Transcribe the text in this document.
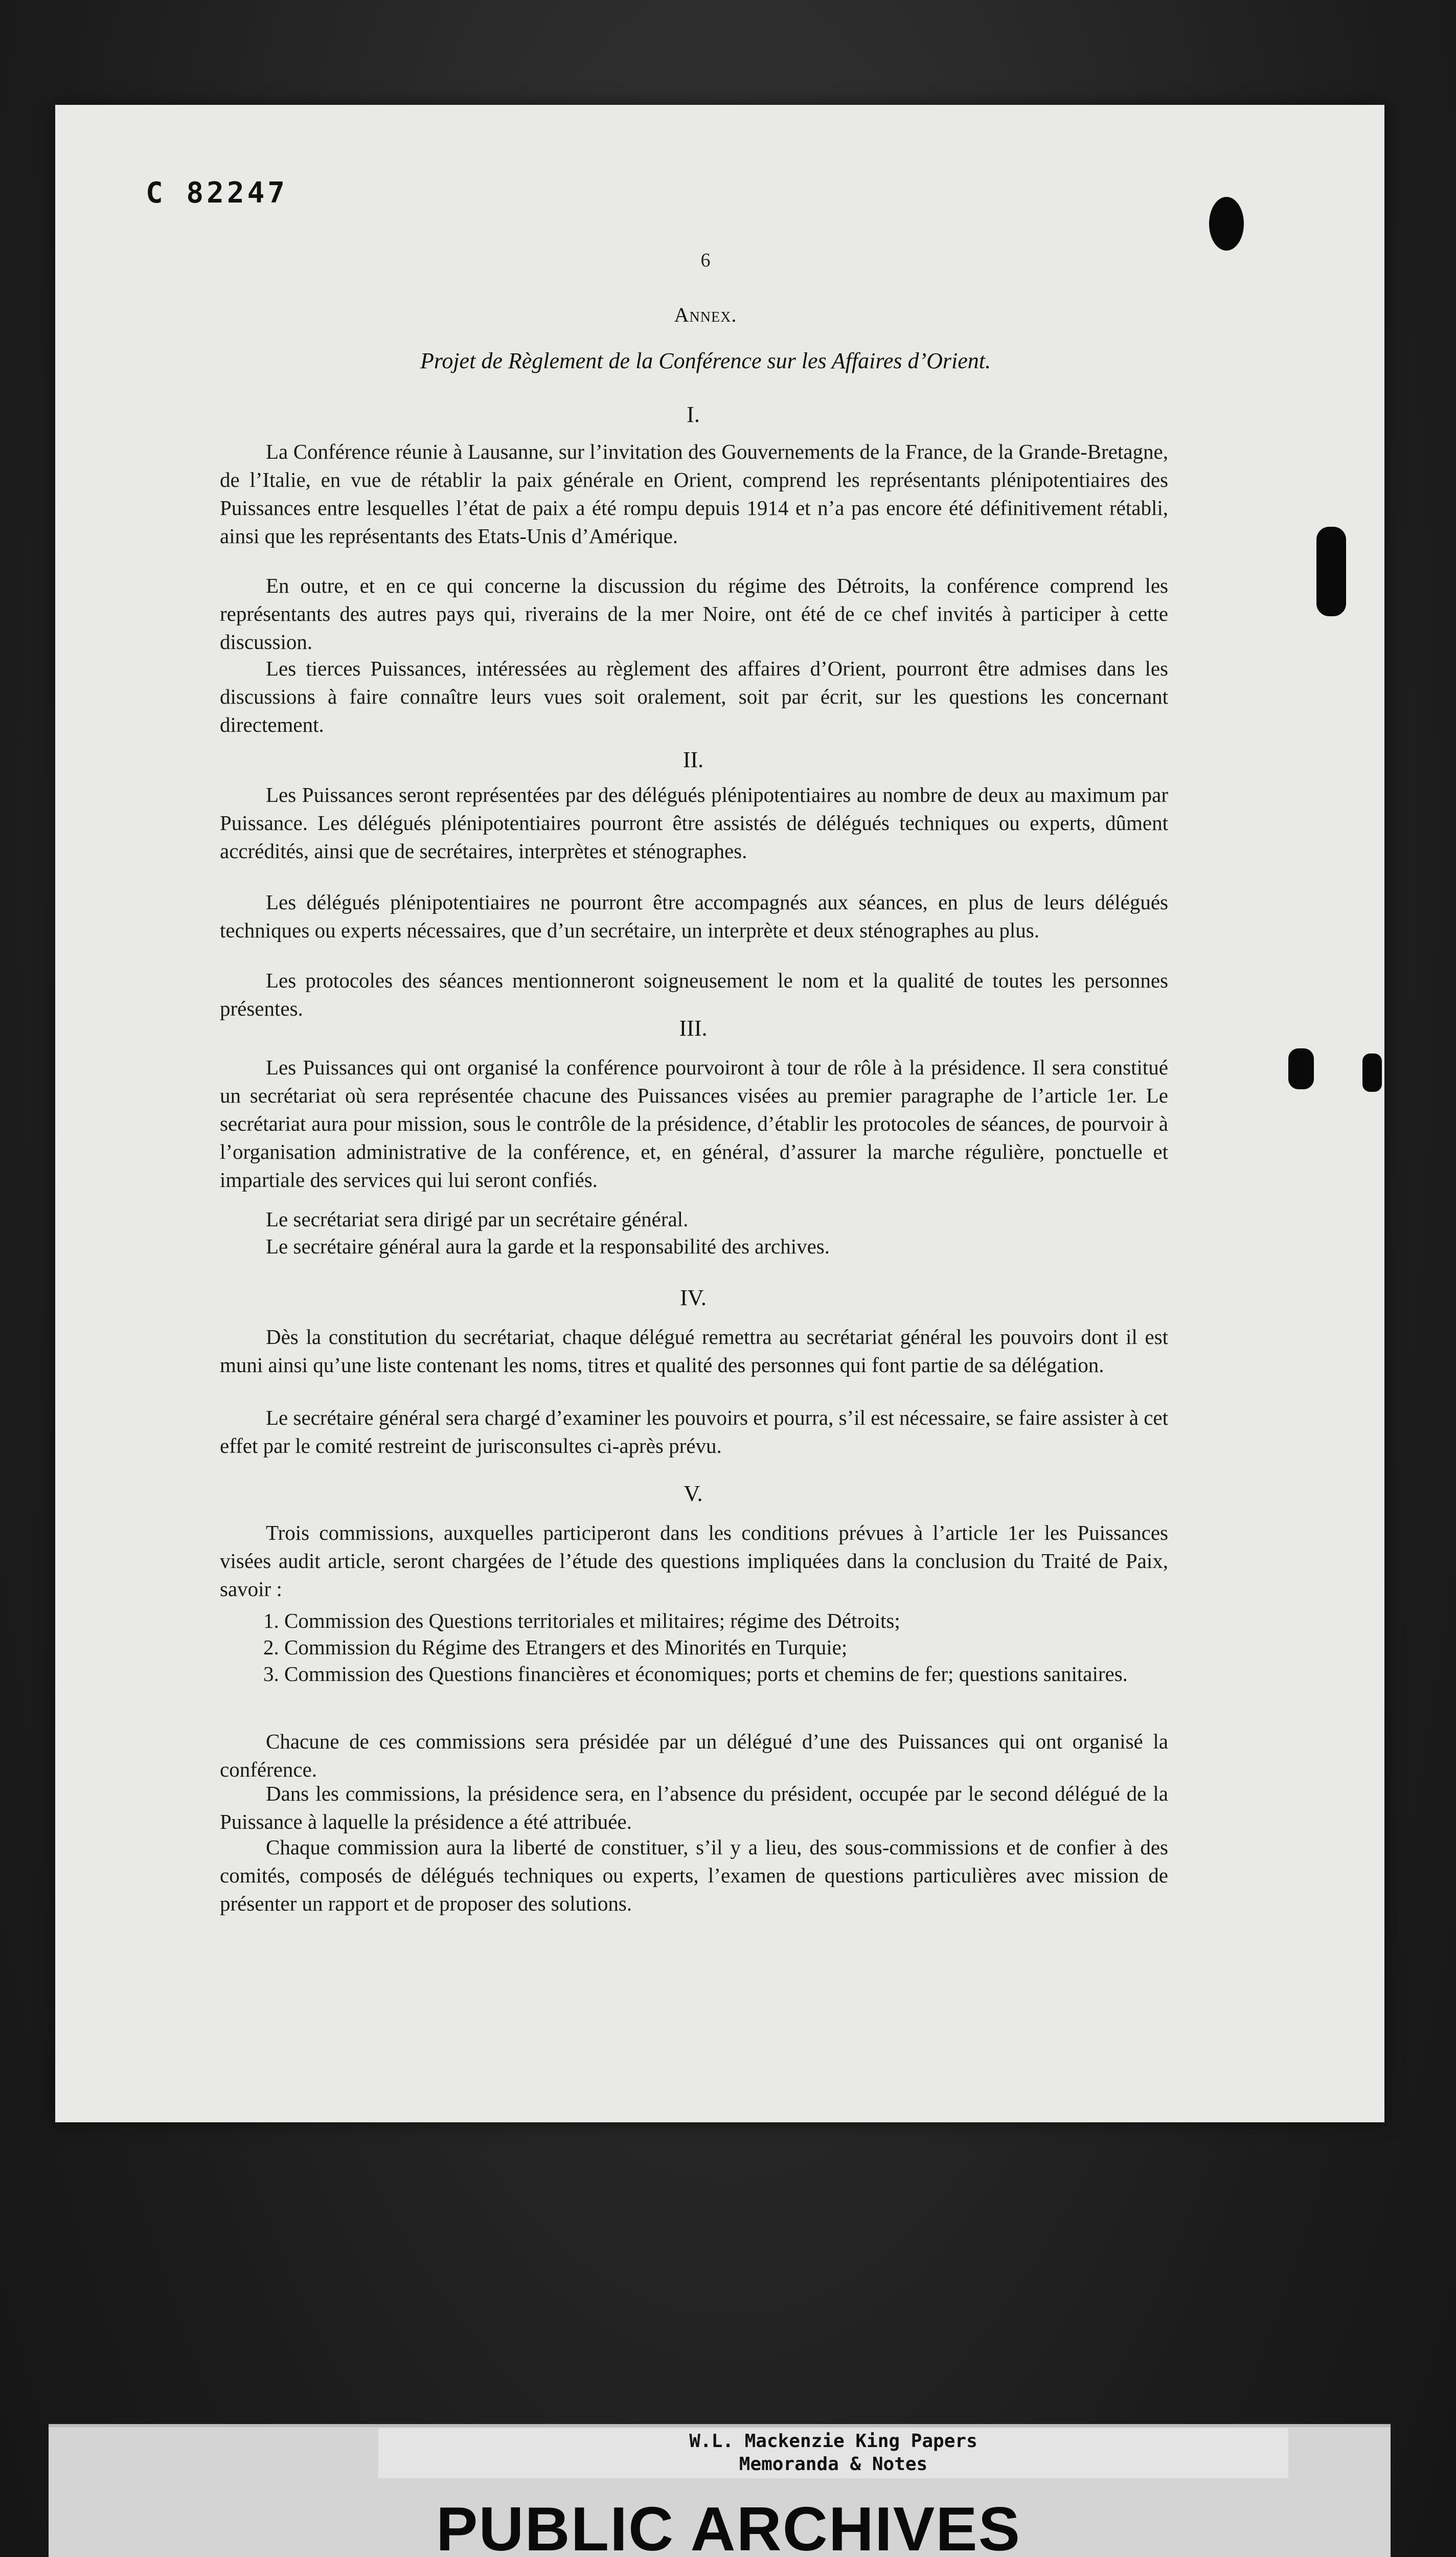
C 82247
6
Annex.
Projet de Règlement de la Conférence sur les Affaires d’Orient.
I.

La Conférence réunie à Lausanne, sur l’invitation des Gouvernements de la France, de la Grande-Bretagne, de l’Italie, en vue de rétablir la paix générale en Orient, comprend les représentants plénipotentiaires des Puissances entre lesquelles l’état de paix a été rompu depuis 1914 et n’a pas encore été définitivement rétabli, ainsi que les représentants des Etats-Unis d’Amérique.

En outre, et en ce qui concerne la discussion du régime des Détroits, la conférence comprend les représentants des autres pays qui, riverains de la mer Noire, ont été de ce chef invités à participer à cette discussion.

Les tierces Puissances, intéressées au règlement des affaires d’Orient, pourront être admises dans les discussions à faire connaître leurs vues soit oralement, soit par écrit, sur les questions les concernant directement.

II.

Les Puissances seront représentées par des délégués plénipotentiaires au nombre de deux au maximum par Puissance. Les délégués plénipotentiaires pourront être assistés de délégués techniques ou experts, dûment accrédités, ainsi que de secrétaires, interprètes et sténographes.

Les délégués plénipotentiaires ne pourront être accompagnés aux séances, en plus de leurs délégués techniques ou experts nécessaires, que d’un secrétaire, un interprète et deux sténographes au plus.

Les protocoles des séances mentionneront soigneusement le nom et la qualité de toutes les personnes présentes.

III.

Les Puissances qui ont organisé la conférence pourvoiront à tour de rôle à la présidence. Il sera constitué un secrétariat où sera représentée chacune des Puissances visées au premier paragraphe de l’article 1er. Le secrétariat aura pour mission, sous le contrôle de la présidence, d’établir les protocoles de séances, de pourvoir à l’organisation administrative de la conférence, et, en général, d’assurer la marche régulière, ponctuelle et impartiale des services qui lui seront confiés.

Le secrétariat sera dirigé par un secrétaire général.

Le secrétaire général aura la garde et la responsabilité des archives.

IV.

Dès la constitution du secrétariat, chaque délégué remettra au secrétariat général les pouvoirs dont il est muni ainsi qu’une liste contenant les noms, titres et qualité des personnes qui font partie de sa délégation.

Le secrétaire général sera chargé d’examiner les pouvoirs et pourra, s’il est nécessaire, se faire assister à cet effet par le comité restreint de jurisconsultes ci-après prévu.

V.

Trois commissions, auxquelles participeront dans les conditions prévues à l’article 1er les Puissances visées audit article, seront chargées de l’étude des questions impliquées dans la conclusion du Traité de Paix, savoir :

1. Commission des Questions territoriales et militaires; régime des Détroits;

2. Commission du Régime des Etrangers et des Minorités en Turquie;

3. Commission des Questions financières et économiques; ports et chemins de fer; questions sanitaires.

Chacune de ces commissions sera présidée par un délégué d’une des Puissances qui ont organisé la conférence.

Dans les commissions, la présidence sera, en l’absence du président, occupée par le second délégué de la Puissance à laquelle la présidence a été attribuée.

Chaque commission aura la liberté de constituer, s’il y a lieu, des sous-commissions et de confier à des comités, composés de délégués techniques ou experts, l’examen de questions particulières avec mission de présenter un rapport et de proposer des solutions.

W.L. Mackenzie King Papers
Memoranda & Notes
PUBLIC ARCHIVES
